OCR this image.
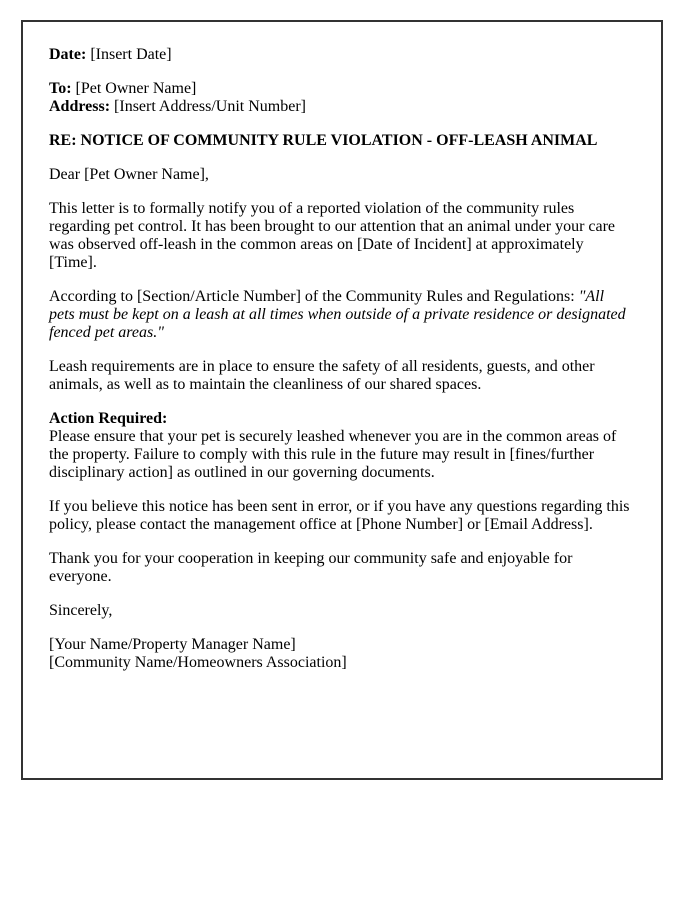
Date: [Insert Date]

To: [Pet Owner Name]
Address: [Insert Address/Unit Number]

RE: NOTICE OF COMMUNITY RULE VIOLATION - OFF-LEASH ANIMAL

Dear [Pet Owner Name],

This letter is to formally notify you of a reported violation of the community rules regarding pet control. It has been brought to our attention that an animal under your care was observed off-leash in the common areas on [Date of Incident] at approximately [Time].

According to [Section/Article Number] of the Community Rules and Regulations: "All pets must be kept on a leash at all times when outside of a private residence or designated fenced pet areas."

Leash requirements are in place to ensure the safety of all residents, guests, and other animals, as well as to maintain the cleanliness of our shared spaces.

Action Required:
Please ensure that your pet is securely leashed whenever you are in the common areas of the property. Failure to comply with this rule in the future may result in [fines/further disciplinary action] as outlined in our governing documents.

If you believe this notice has been sent in error, or if you have any questions regarding this policy, please contact the management office at [Phone Number] or [Email Address].

Thank you for your cooperation in keeping our community safe and enjoyable for everyone.

Sincerely,

[Your Name/Property Manager Name]
[Community Name/Homeowners Association]
